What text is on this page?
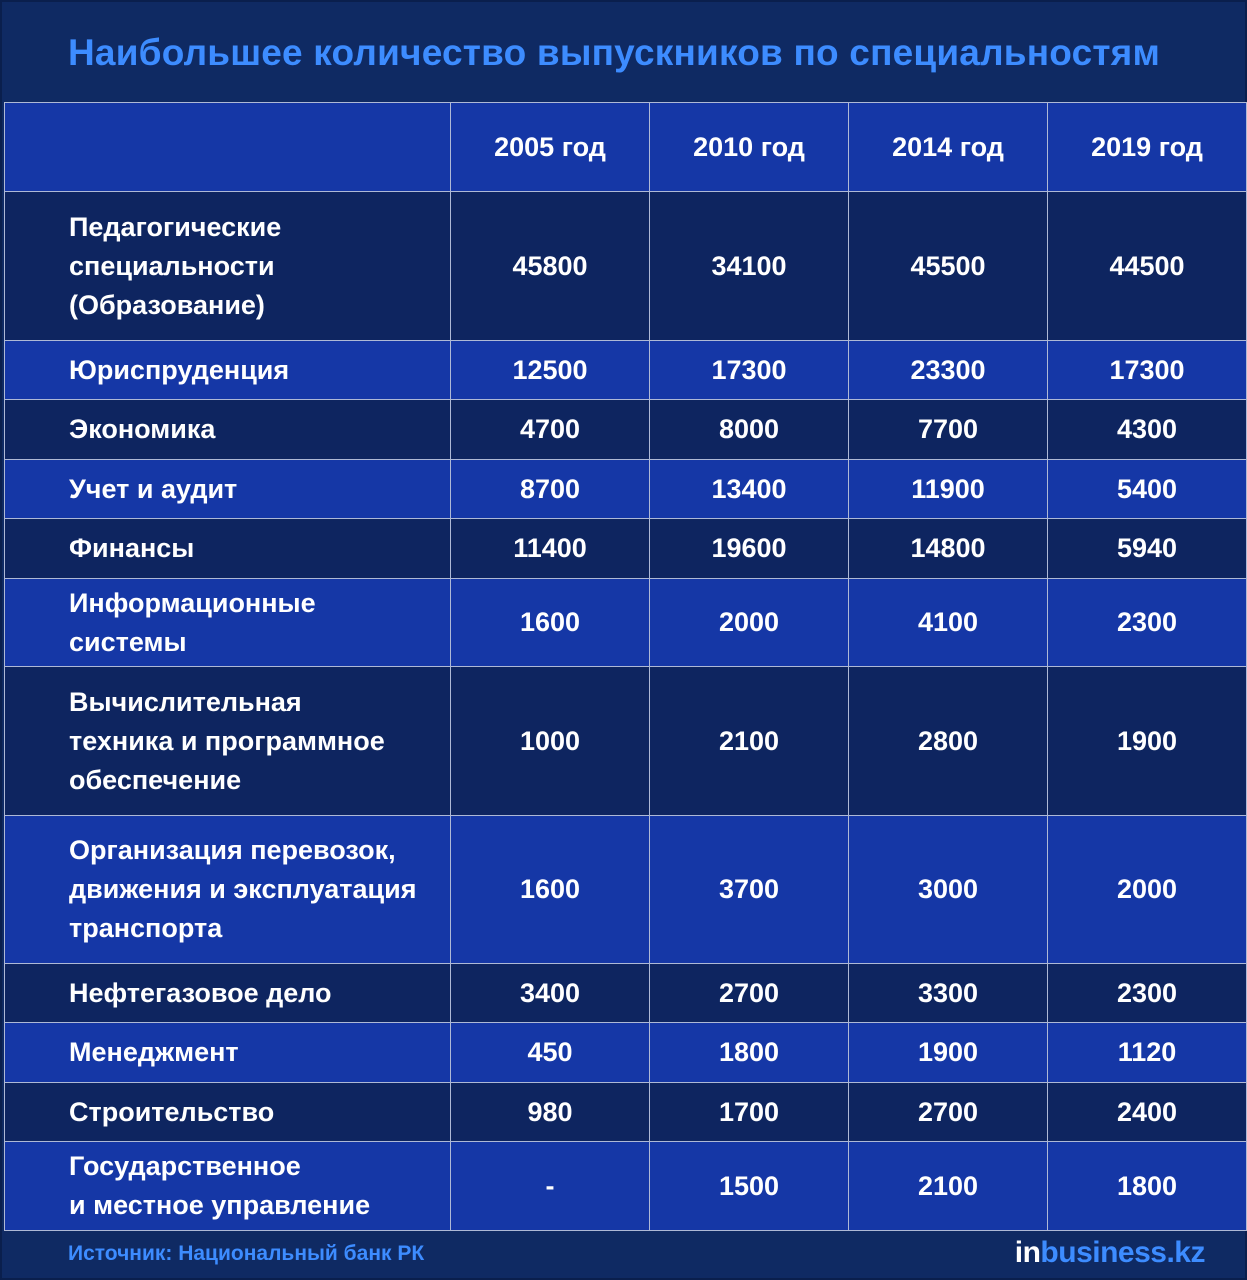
Наибольшее количество выпускников по специальностям
	2005 год	2010 год	2014 год	2019 год

Педагогические
специальности
(Образование)	45800	34100	45500	44500

Юриспруденция	12500	17300	23300	17300

Экономика	4700	8000	7700	4300

Учет и аудит	8700	13400	11900	5400

Финансы	11400	19600	14800	5940

Информационные
системы	1600	2000	4100	2300

Вычислительная
техника и программное
обеспечение	1000	2100	2800	1900

Организация перевозок,
движения и эксплуатация
транспорта	1600	3700	3000	2000

Нефтегазовое дело	3400	2700	3300	2300

Менеджмент	450	1800	1900	1120

Строительство	980	1700	2700	2400

Государственное
и местное управление	-	1500	2100	1800
Источник: Национальный банк РК	inbusiness.kz
